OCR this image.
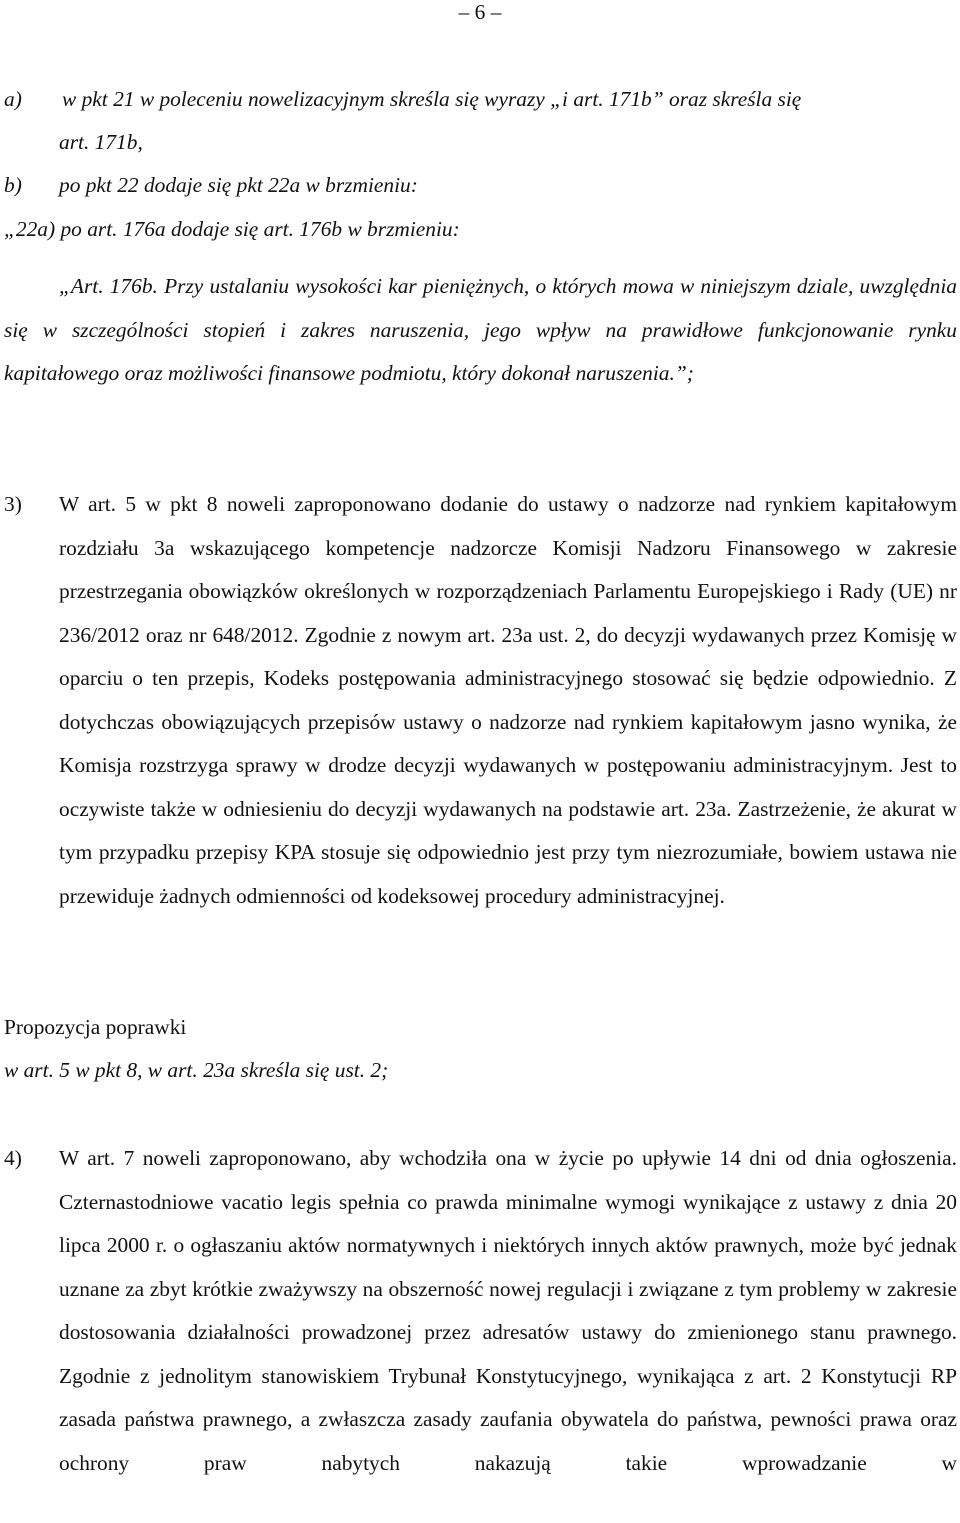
– 6 –
a) w pkt 21 w poleceniu nowelizacyjnym skreśla się wyrazy „i art. 171b” oraz skreśla się
art. 171b,
b) po pkt 22 dodaje się pkt 22a w brzmieniu:
„22a) po art. 176a dodaje się art. 176b w brzmieniu:
„Art. 176b. Przy ustalaniu wysokości kar pieniężnych, o których mowa w niniejszym dziale, uwzględnia się w szczególności stopień i zakres naruszenia, jego wpływ na prawidłowe funkcjonowanie rynku kapitałowego oraz możliwości finansowe podmiotu, który dokonał naruszenia.”;
3) W art. 5 w pkt 8 noweli zaproponowano dodanie do ustawy o nadzorze nad rynkiem kapitałowym rozdziału 3a wskazującego kompetencje nadzorcze Komisji Nadzoru Finansowego w zakresie przestrzegania obowiązków określonych w rozporządzeniach Parlamentu Europejskiego i Rady (UE) nr 236/2012 oraz nr 648/2012. Zgodnie z nowym art. 23a ust. 2, do decyzji wydawanych przez Komisję w oparciu o ten przepis, Kodeks postępowania administracyjnego stosować się będzie odpowiednio. Z dotychczas obowiązujących przepisów ustawy o nadzorze nad rynkiem kapitałowym jasno wynika, że Komisja rozstrzyga sprawy w drodze decyzji wydawanych w postępowaniu administracyjnym. Jest to oczywiste także w odniesieniu do decyzji wydawanych na podstawie art. 23a. Zastrzeżenie, że akurat w tym przypadku przepisy KPA stosuje się odpowiednio jest przy tym niezrozumiałe, bowiem ustawa nie przewiduje żadnych odmienności od kodeksowej procedury administracyjnej.
Propozycja poprawki
w art. 5 w pkt 8, w art. 23a skreśla się ust. 2;
4) W art. 7 noweli zaproponowano, aby wchodziła ona w życie po upływie 14 dni od dnia ogłoszenia. Czternastodniowe vacatio legis spełnia co prawda minimalne wymogi wynikające z ustawy z dnia 20 lipca 2000 r. o ogłaszaniu aktów normatywnych i niektórych innych aktów prawnych, może być jednak uznane za zbyt krótkie zważywszy na obszerność nowej regulacji i związane z tym problemy w zakresie dostosowania działalności prowadzonej przez adresatów ustawy do zmienionego stanu prawnego. Zgodnie z jednolitym stanowiskiem Trybunał Konstytucyjnego, wynikająca z art. 2 Konstytucji RP zasada państwa prawnego, a zwłaszcza zasady zaufania obywatela do państwa, pewności prawa oraz ochrony praw nabytych nakazują takie wprowadzanie w
